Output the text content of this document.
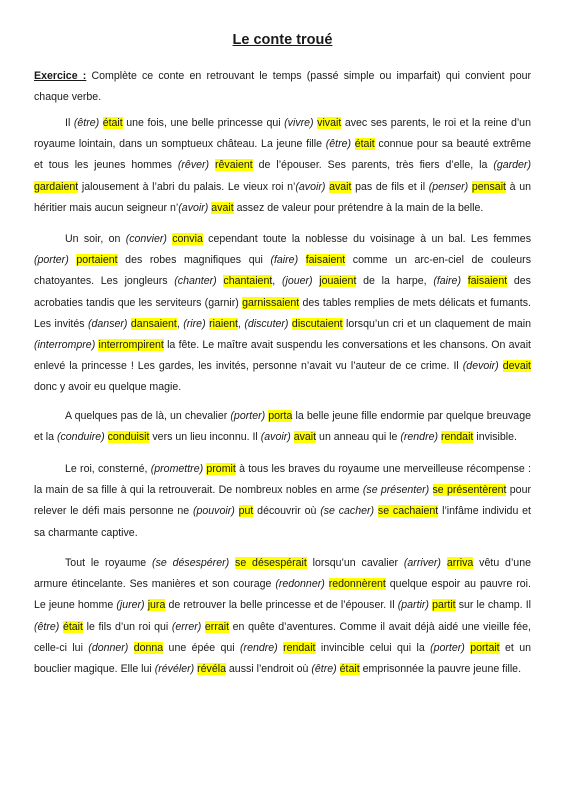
Le conte troué
Exercice : Complète ce conte en retrouvant le temps (passé simple ou imparfait) qui convient pour chaque verbe.

Il (être) était une fois, une belle princesse qui (vivre) vivait avec ses parents, le roi et la reine d’un royaume lointain, dans un somptueux château. La jeune fille (être) était connue pour sa beauté extrême et tous les jeunes hommes (rêver) rêvaient de l’épouser. Ses parents, très fiers d’elle, la (garder) gardaient jalousement à l’abri du palais. Le vieux roi n’(avoir) avait pas de fils et il (penser) pensait à un héritier mais aucun seigneur n’(avoir) avait assez de valeur pour prétendre à la main de la belle.

Un soir, on (convier) convia cependant toute la noblesse du voisinage à un bal. Les femmes (porter) portaient des robes magnifiques qui (faire) faisaient comme un arc-en-ciel de couleurs chatoyantes. Les jongleurs (chanter) chantaient, (jouer) jouaient de la harpe, (faire) faisaient des acrobaties tandis que les serviteurs (garnir) garnissaient des tables remplies de mets délicats et fumants. Les invités (danser) dansaient, (rire) riaient, (discuter) discutaient lorsqu’un cri et un claquement de main (interrompre) interrompirent la fête. Le maître avait suspendu les conversations et les chansons. On avait enlevé la princesse ! Les gardes, les invités, personne n’avait vu l’auteur de ce crime. Il (devoir) devait donc y avoir eu quelque magie.

A quelques pas de là, un chevalier (porter) porta la belle jeune fille endormie par quelque breuvage et la (conduire) conduisit vers un lieu inconnu. Il (avoir) avait un anneau qui le (rendre) rendait invisible.

Le roi, consterné, (promettre) promit à tous les braves du royaume une merveilleuse récompense : la main de sa fille à qui la retrouverait. De nombreux nobles en arme (se présenter) se présentèrent pour relever le défi mais personne ne (pouvoir) put découvrir où (se cacher) se cachaient l’infâme individu et sa charmante captive.

Tout le royaume (se désespérer) se désespérait lorsqu’un cavalier (arriver) arriva vêtu d’une armure étincelante. Ses manières et son courage (redonner) redonnèrent quelque espoir au pauvre roi. Le jeune homme (jurer) jura de retrouver la belle princesse et de l’épouser. Il (partir) partit sur le champ. Il (être) était le fils d’un roi qui (errer) errait en quête d’aventures. Comme il avait déjà aidé une vieille fée, celle-ci lui (donner) donna une épée qui (rendre) rendait invincible celui qui la (porter) portait et un bouclier magique. Elle lui (révéler) révéla aussi l’endroit où (être) était emprisonnée la pauvre jeune fille.
